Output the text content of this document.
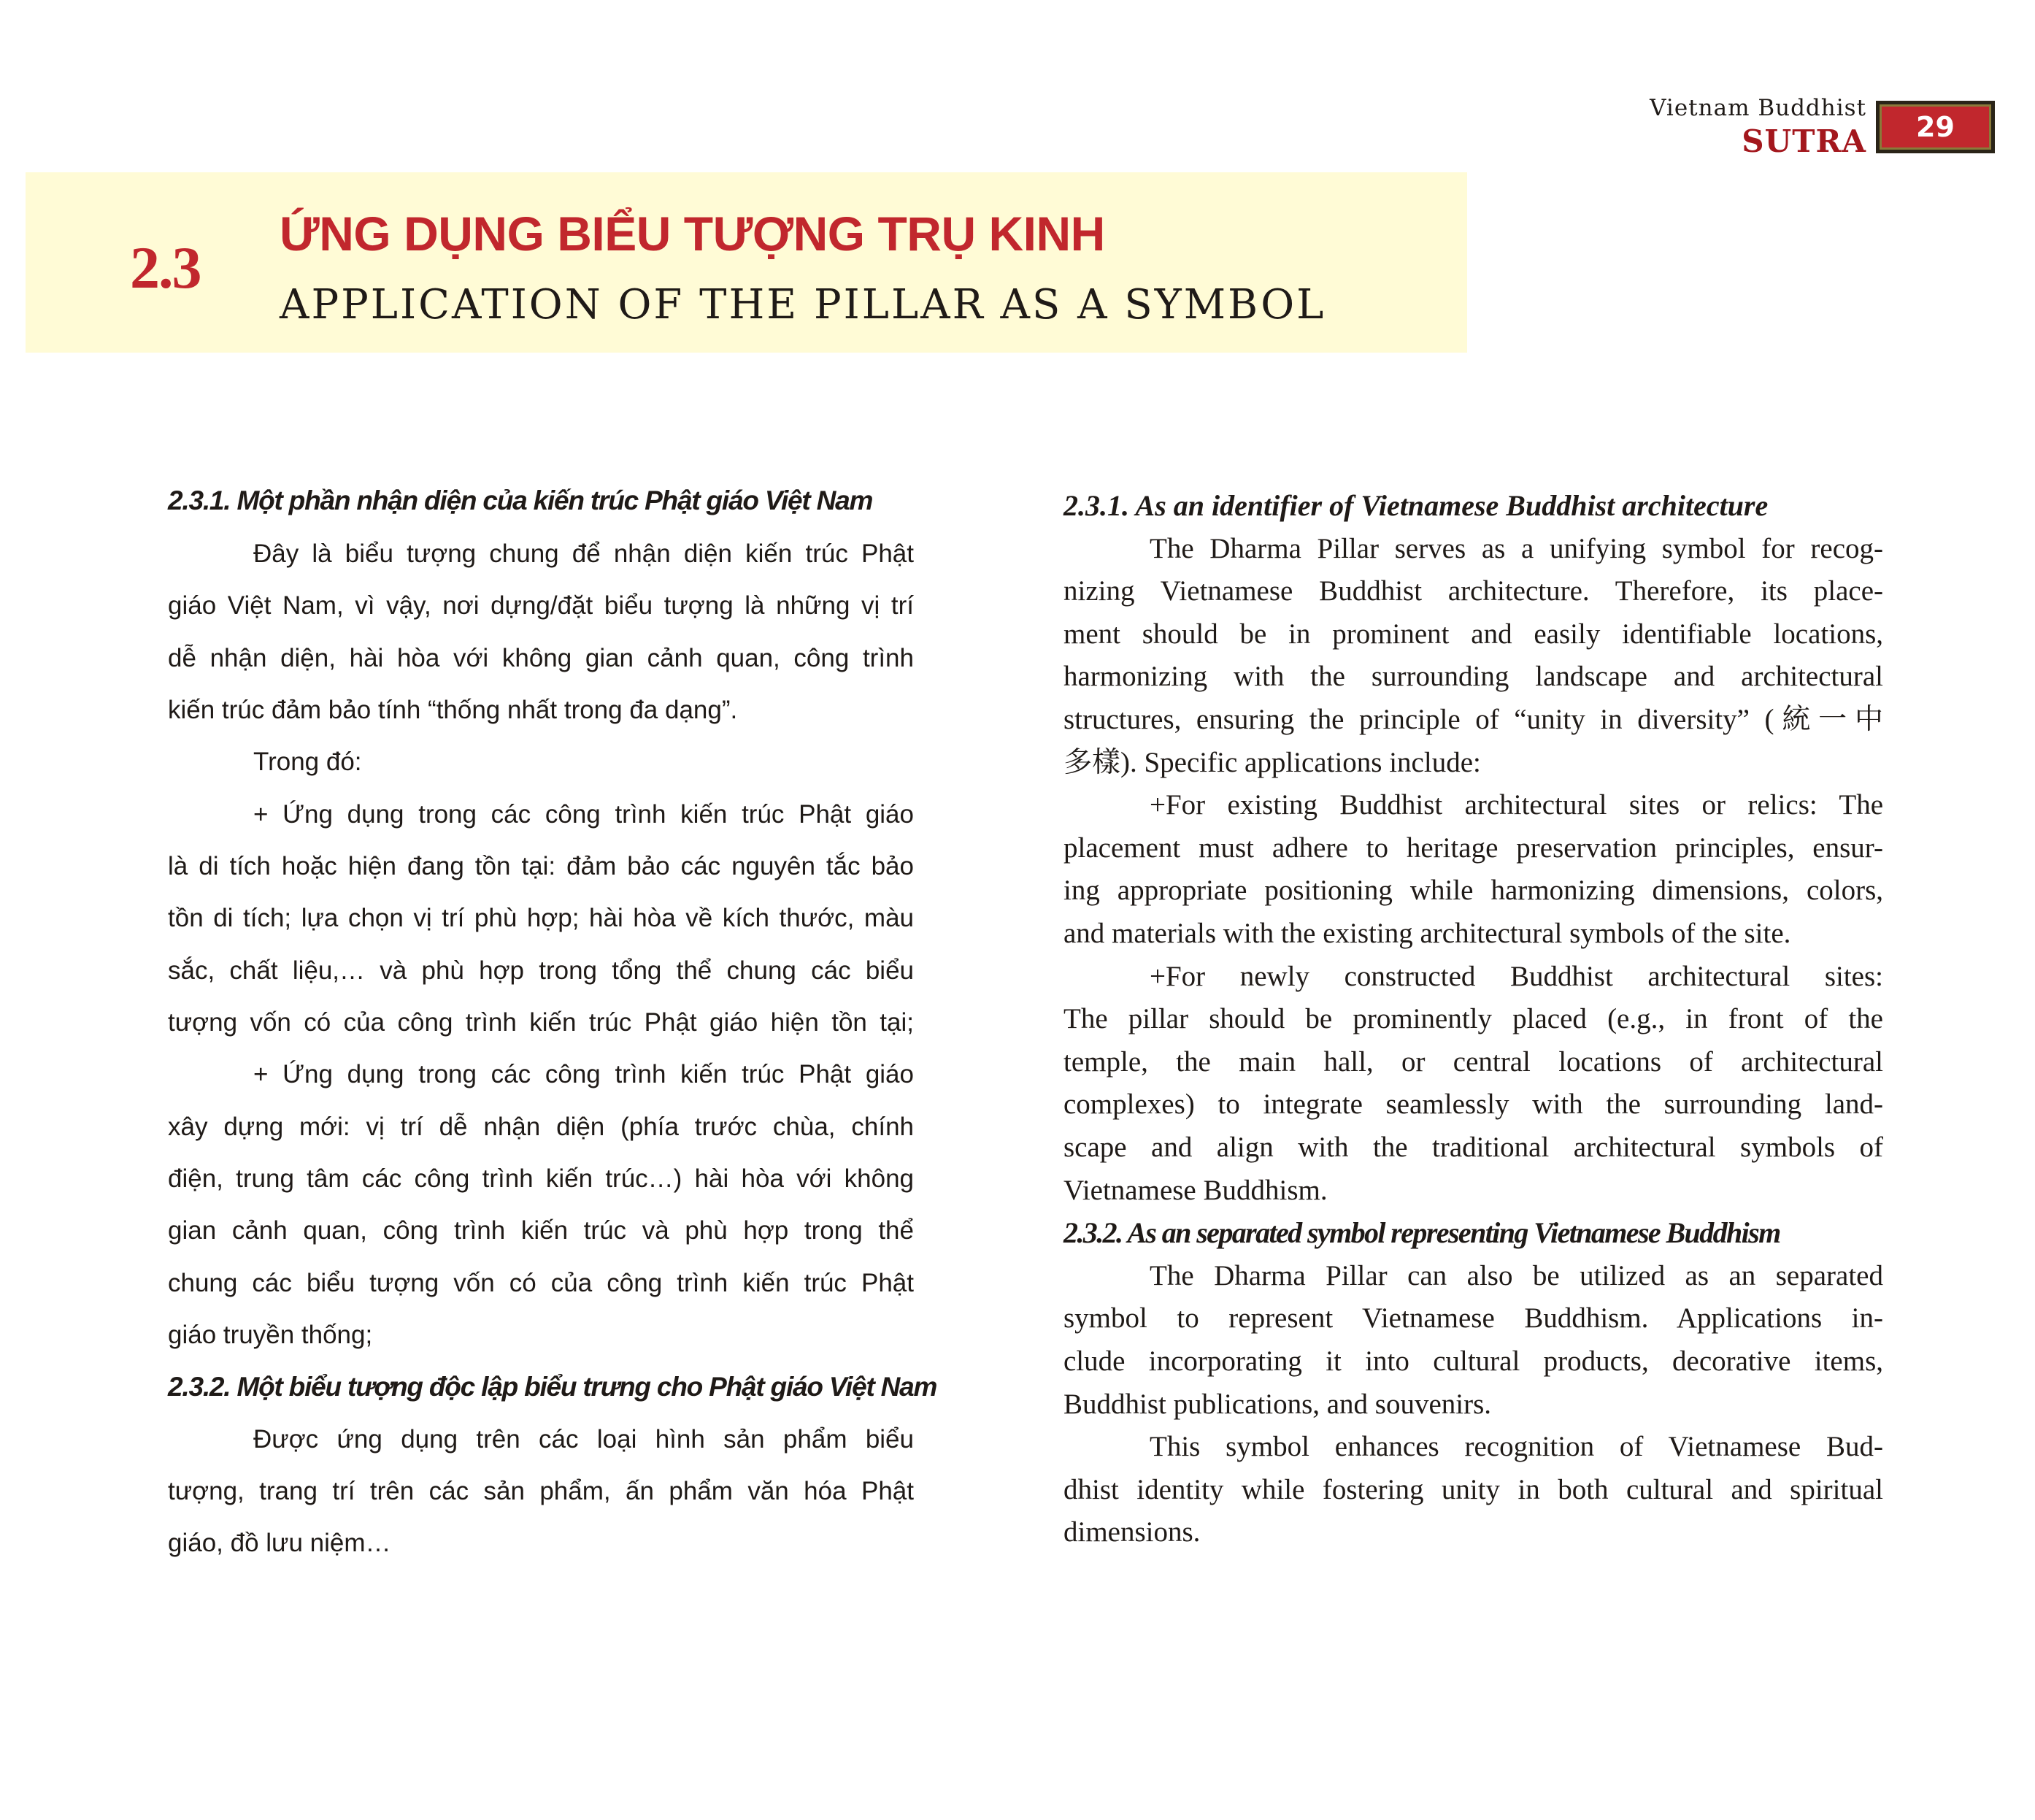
Vietnam Buddhist
SUTRA 29
2.3
ỨNG DỤNG BIỂU TƯỢNG TRỤ KINH
APPLICATION OF THE PILLAR AS A SYMBOL
2.3.1. Một phần nhận diện của kiến trúc Phật giáo Việt Nam
Đây là biểu tượng chung để nhận diện kiến trúc Phật
giáo Việt Nam, vì vậy, nơi dựng/đặt biểu tượng là những vị trí
dễ nhận diện, hài hòa với không gian cảnh quan, công trình
kiến trúc đảm bảo tính “thống nhất trong đa dạng”.
Trong đó:
+ Ứng dụng trong các công trình kiến trúc Phật giáo
là di tích hoặc hiện đang tồn tại: đảm bảo các nguyên tắc bảo
tồn di tích; lựa chọn vị trí phù hợp; hài hòa về kích thước, màu
sắc, chất liệu,… và phù hợp trong tổng thể chung các biểu
tượng vốn có của công trình kiến trúc Phật giáo hiện tồn tại;
+ Ứng dụng trong các công trình kiến trúc Phật giáo
xây dựng mới: vị trí dễ nhận diện (phía trước chùa, chính
điện, trung tâm các công trình kiến trúc…) hài hòa với không
gian cảnh quan, công trình kiến trúc và phù hợp trong thể
chung các biểu tượng vốn có của công trình kiến trúc Phật
giáo truyền thống;
2.3.2. Một biểu tượng độc lập biểu trưng cho Phật giáo Việt Nam
Được ứng dụng trên các loại hình sản phẩm biểu
tượng, trang trí trên các sản phẩm, ấn phẩm văn hóa Phật
giáo, đồ lưu niệm…
2.3.1. As an identifier of Vietnamese Buddhist architecture
The Dharma Pillar serves as a unifying symbol for recog-
nizing Vietnamese Buddhist architecture. Therefore, its place-
ment should be in prominent and easily identifiable locations,
harmonizing with the surrounding landscape and architectural
structures, ensuring the principle of “unity in diversity” (統一中
多樣). Specific applications include:
+For existing Buddhist architectural sites or relics: The
placement must adhere to heritage preservation principles, ensur-
ing appropriate positioning while harmonizing dimensions, colors,
and materials with the existing architectural symbols of the site.
+For newly constructed Buddhist architectural sites:
The pillar should be prominently placed (e.g., in front of the
temple, the main hall, or central locations of architectural
complexes) to integrate seamlessly with the surrounding land-
scape and align with the traditional architectural symbols of
Vietnamese Buddhism.
2.3.2. As an separated symbol representing Vietnamese Buddhism
The Dharma Pillar can also be utilized as an separated
symbol to represent Vietnamese Buddhism. Applications in-
clude incorporating it into cultural products, decorative items,
Buddhist publications, and souvenirs.
This symbol enhances recognition of Vietnamese Bud-
dhist identity while fostering unity in both cultural and spiritual
dimensions.
